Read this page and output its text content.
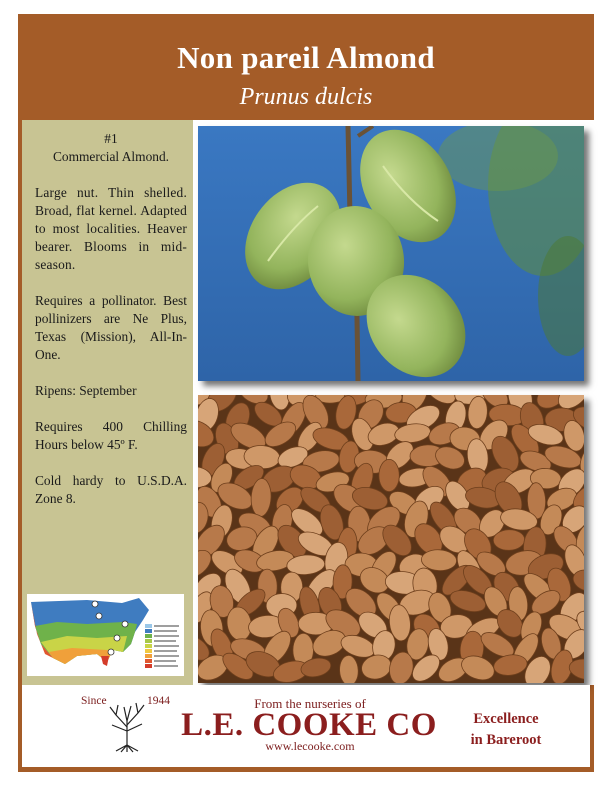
Non pareil Almond
Prunus dulcis
#1
Commercial Almond.

Large nut. Thin shelled. Broad, flat kernel. Adapted to most localities. Heaver bearer. Blooms in mid-season.

Requires a pollinator. Best pollinizers are Ne Plus, Texas (Mission), All-In-One.

Ripens: September

Requires 400 Chilling Hours below 45º F.

Cold hardy to U.S.D.A. Zone 8.

Since	1944	From the nurseries of
L.E. COOKE CO
www.lecooke.com
Excellence
in Bareroot
